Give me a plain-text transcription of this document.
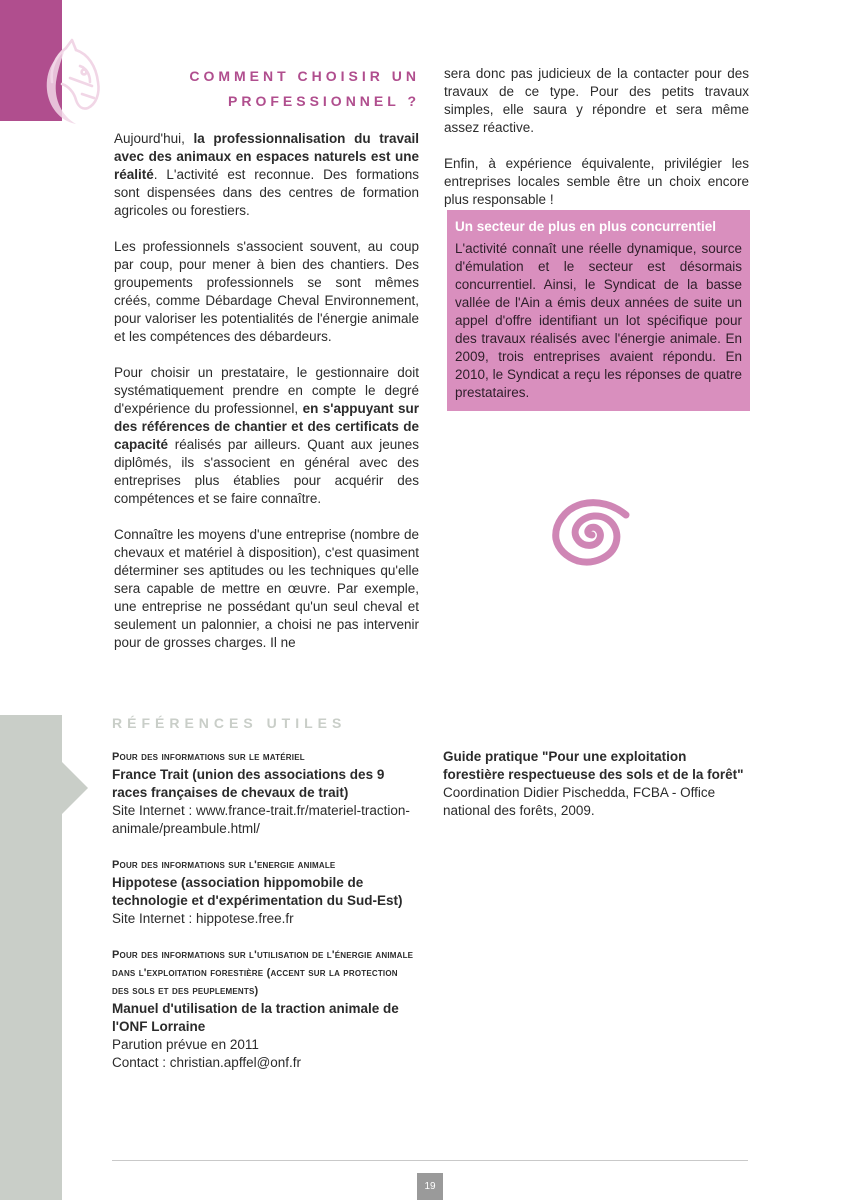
COMMENT CHOISIR UN
PROFESSIONNEL ?

Aujourd'hui, la professionnalisation du travail avec des animaux en espaces naturels est une réalité. L'activité est reconnue. Des formations sont dispensées dans des centres de formation agricoles ou forestiers.

Les professionnels s'associent souvent, au coup par coup, pour mener à bien des chantiers. Des groupements professionnels se sont mêmes créés, comme Débardage Cheval Environnement, pour valoriser les potentialités de l'énergie animale et les compétences des débardeurs.

Pour choisir un prestataire, le gestionnaire doit systématiquement prendre en compte le degré d'expérience du professionnel, en s'appuyant sur des références de chantier et des certificats de capacité réalisés par ailleurs. Quant aux jeunes diplômés, ils s'associent en général avec des entreprises plus établies pour acquérir des compétences et se faire connaître.

Connaître les moyens d'une entreprise (nombre de chevaux et matériel à disposition), c'est quasiment déterminer ses aptitudes ou les techniques qu'elle sera capable de mettre en œuvre. Par exemple, une entreprise ne possédant qu'un seul cheval et seulement un palonnier, a choisi ne pas intervenir pour de grosses charges. Il ne

sera donc pas judicieux de la contacter pour des travaux de ce type. Pour des petits travaux simples, elle saura y répondre et sera même assez réactive.

Enfin, à expérience équivalente, privilégier les entreprises locales semble être un choix encore plus responsable !

Un secteur de plus en plus concurrentiel
L'activité connaît une réelle dynamique, source d'émulation et le secteur est désormais concurrentiel. Ainsi, le Syndicat de la basse vallée de l'Ain a émis deux années de suite un appel d'offre identifiant un lot spécifique pour des travaux réalisés avec l'énergie animale. En 2009, trois entreprises avaient répondu. En 2010, le Syndicat a reçu les réponses de quatre prestataires.
RÉFÉRENCES UTILES
Pour des informations sur le matériel
France Trait (union des associations des 9 races françaises de chevaux de trait)
Site Internet : www.france-trait.fr/materiel-traction-animale/preambule.html/
Pour des informations sur l'energie animale
Hippotese (association hippomobile de technologie et d'expérimentation du Sud-Est)
Site Internet : hippotese.free.fr
Pour des informations sur l'utilisation de l'énergie animale dans l'exploitation forestière (accent sur la protection des sols et des peuplements)
Manuel d'utilisation de la traction animale de l'ONF Lorraine
Parution prévue en 2011
Contact : christian.apffel@onf.fr
Guide pratique "Pour une exploitation forestière respectueuse des sols et de la forêt"
Coordination Didier Pischedda, FCBA - Office national des forêts, 2009.
19
